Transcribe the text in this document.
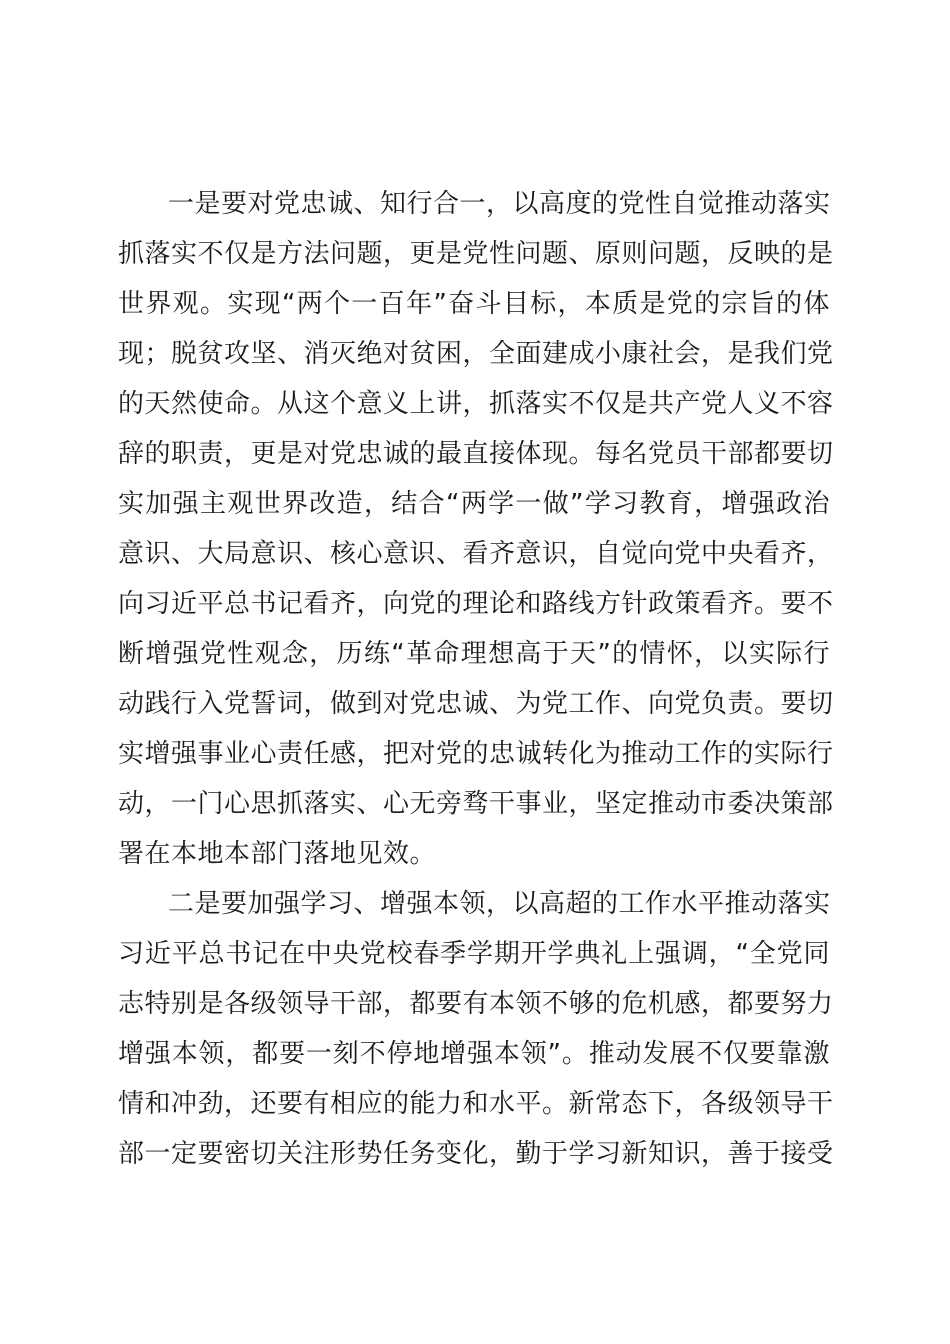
一是要对党忠诚、知行合一，以高度的党性自觉推动落实
抓落实不仅是方法问题，更是党性问题、原则问题，反映的是
世界观。实现“两个一百年”奋斗目标，本质是党的宗旨的体
现；脱贫攻坚、消灭绝对贫困，全面建成小康社会，是我们党
的天然使命。从这个意义上讲，抓落实不仅是共产党人义不容
辞的职责，更是对党忠诚的最直接体现。每名党员干部都要切
实加强主观世界改造，结合“两学一做”学习教育，增强政治
意识、大局意识、核心意识、看齐意识，自觉向党中央看齐，
向习近平总书记看齐，向党的理论和路线方针政策看齐。要不
断增强党性观念，历练“革命理想高于天”的情怀，以实际行
动践行入党誓词，做到对党忠诚、为党工作、向党负责。要切
实增强事业心责任感，把对党的忠诚转化为推动工作的实际行
动，一门心思抓落实、心无旁骛干事业，坚定推动市委决策部
署在本地本部门落地见效。
二是要加强学习、增强本领，以高超的工作水平推动落实
习近平总书记在中央党校春季学期开学典礼上强调，“全党同
志特别是各级领导干部，都要有本领不够的危机感，都要努力
增强本领，都要一刻不停地增强本领”。推动发展不仅要靠激
情和冲劲，还要有相应的能力和水平。新常态下，各级领导干
部一定要密切关注形势任务变化，勤于学习新知识，善于接受
